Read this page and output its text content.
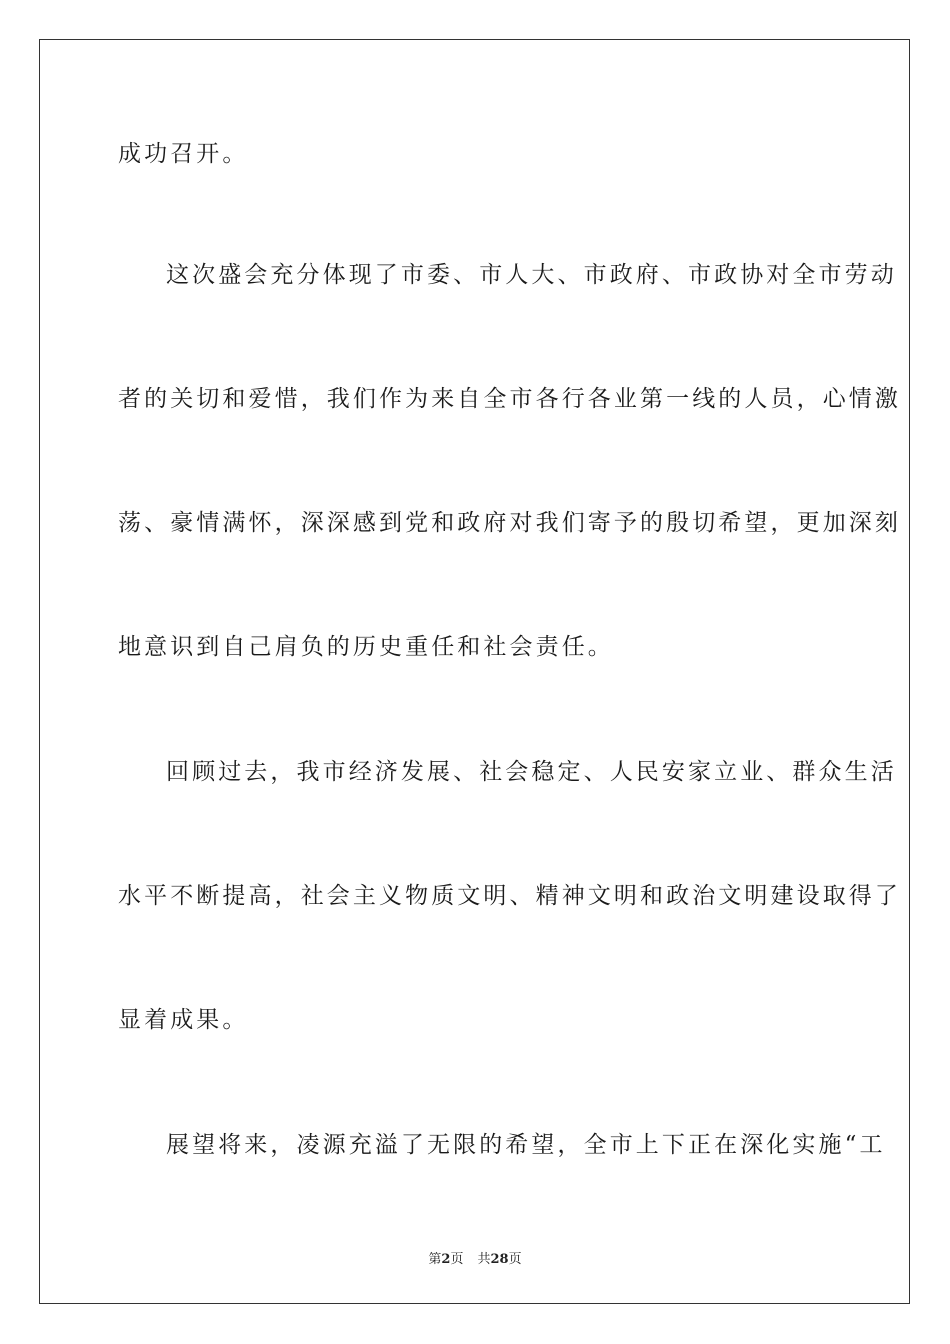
成功召开。
这次盛会充分体现了市委、市人大、市政府、市政协对全市劳动
者的关切和爱惜，我们作为来自全市各行各业第一线的人员，心情激
荡、豪情满怀，深深感到党和政府对我们寄予的殷切希望，更加深刻
地意识到自己肩负的历史重任和社会责任。
回顾过去，我市经济发展、社会稳定、人民安家立业、群众生活
水平不断提高，社会主义物质文明、精神文明和政治文明建设取得了
显着成果。
展望将来，凌源充溢了无限的希望，全市上下正在深化实施“工
第2页 共28页
